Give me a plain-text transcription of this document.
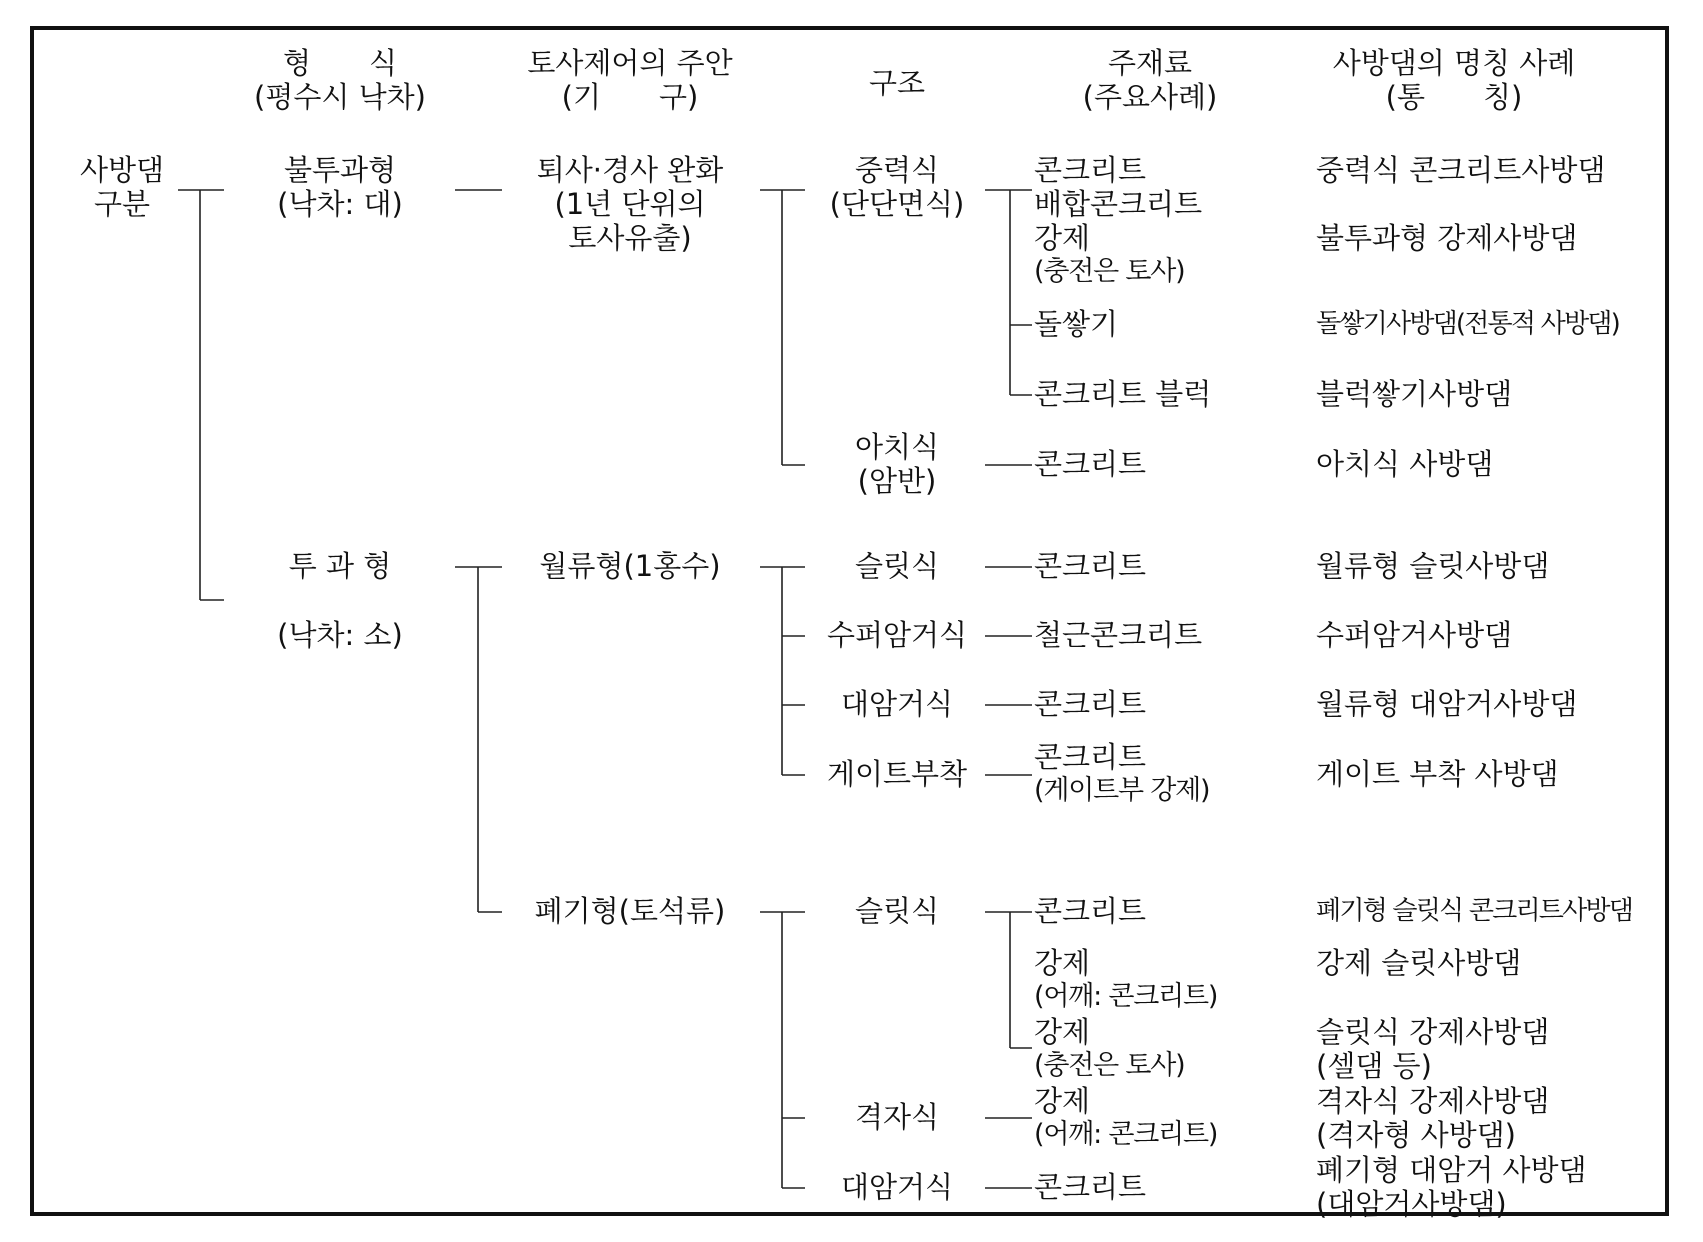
형　　식
(평수시 낙차)
토사제어의 주안
(기　　구)	구조
주재료
(주요사례)
사방댐의 명칭 사례
(통　　칭)
사방댐
구분
불투과형
(낙차: 대)
투 과 형
(낙차: 소)
퇴사·경사 완화
(1년 단위의
토사유출)
월류형(1홍수)
폐기형(토석류)
중력식
(단단면식)
아치식
(암반)
슬릿식
수퍼암거식
대암거식
게이트부착
슬릿식
격자식
대암거식
콘크리트
배합콘크리트
강제
(충전은 토사)
돌쌓기
콘크리트 블럭
콘크리트
콘크리트
철근콘크리트
콘크리트
콘크리트
(게이트부 강제)
콘크리트
강제
(어깨: 콘크리트)
강제
(충전은 토사)
강제
(어깨: 콘크리트)
콘크리트
중력식 콘크리트사방댐
불투과형 강제사방댐
돌쌓기사방댐(전통적 사방댐)
블럭쌓기사방댐
아치식 사방댐
월류형 슬릿사방댐
수퍼암거사방댐
월류형 대암거사방댐
게이트 부착 사방댐
폐기형 슬릿식 콘크리트사방댐
강제 슬릿사방댐
슬릿식 강제사방댐
(셀댐 등)
격자식 강제사방댐
(격자형 사방댐)
폐기형 대암거 사방댐
(대암거사방댐)
